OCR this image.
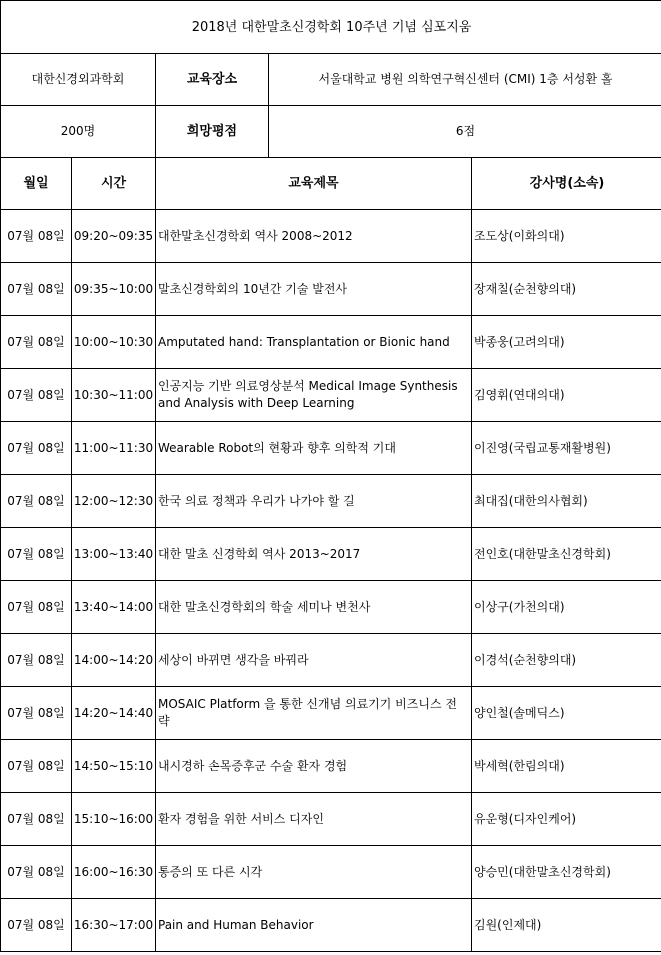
2018년 대한말초신경학회 10주년 기념 심포지움				
대한신경외과학회		교육장소	서울대학교 병원 의학연구혁신센터 (CMI) 1층 서성환 홀	
200명		희망평점	6점	
월일	시간	교육제목		강사명(소속)
07월 08일	09:20~09:35	대한말초신경학회 역사 2008~2012		조도상(이화의대)
07월 08일	09:35~10:00	말초신경학회의 10년간 기술 발전사		장재칠(순천향의대)
07월 08일	10:00~10:30	Amputated hand: Transplantation or Bionic hand		박종웅(고려의대)
07월 08일	10:30~11:00	인공지능 기반 의료영상분석 Medical Image Synthesis and Analysis with Deep Learning		김영휘(연대의대)
07월 08일	11:00~11:30	Wearable Robot의 현황과 향후 의학적 기대		이진영(국립교통재활병원)
07월 08일	12:00~12:30	한국 의료 정책과 우리가 나가야 할 길		최대집(대한의사협회)
07월 08일	13:00~13:40	대한 말초 신경학회 역사 2013~2017		전인호(대한말초신경학회)
07월 08일	13:40~14:00	대한 말초신경학회의 학술 세미나 변천사		이상구(가천의대)
07월 08일	14:00~14:20	세상이 바뀌면 생각을 바꿔라		이경석(순천향의대)
07월 08일	14:20~14:40	MOSAIC Platform 을 통한 신개념 의료기기 비즈니스 전략		양인철(솔메딕스)
07월 08일	14:50~15:10	내시경하 손목증후군 수술 환자 경험		박세혁(한림의대)
07월 08일	15:10~16:00	환자 경험을 위한 서비스 디자인		유운형(디자인케어)
07월 08일	16:00~16:30	통증의 또 다른 시각		양승민(대한말초신경학회)
07월 08일	16:30~17:00	Pain and Human Behavior		김원(인제대)
